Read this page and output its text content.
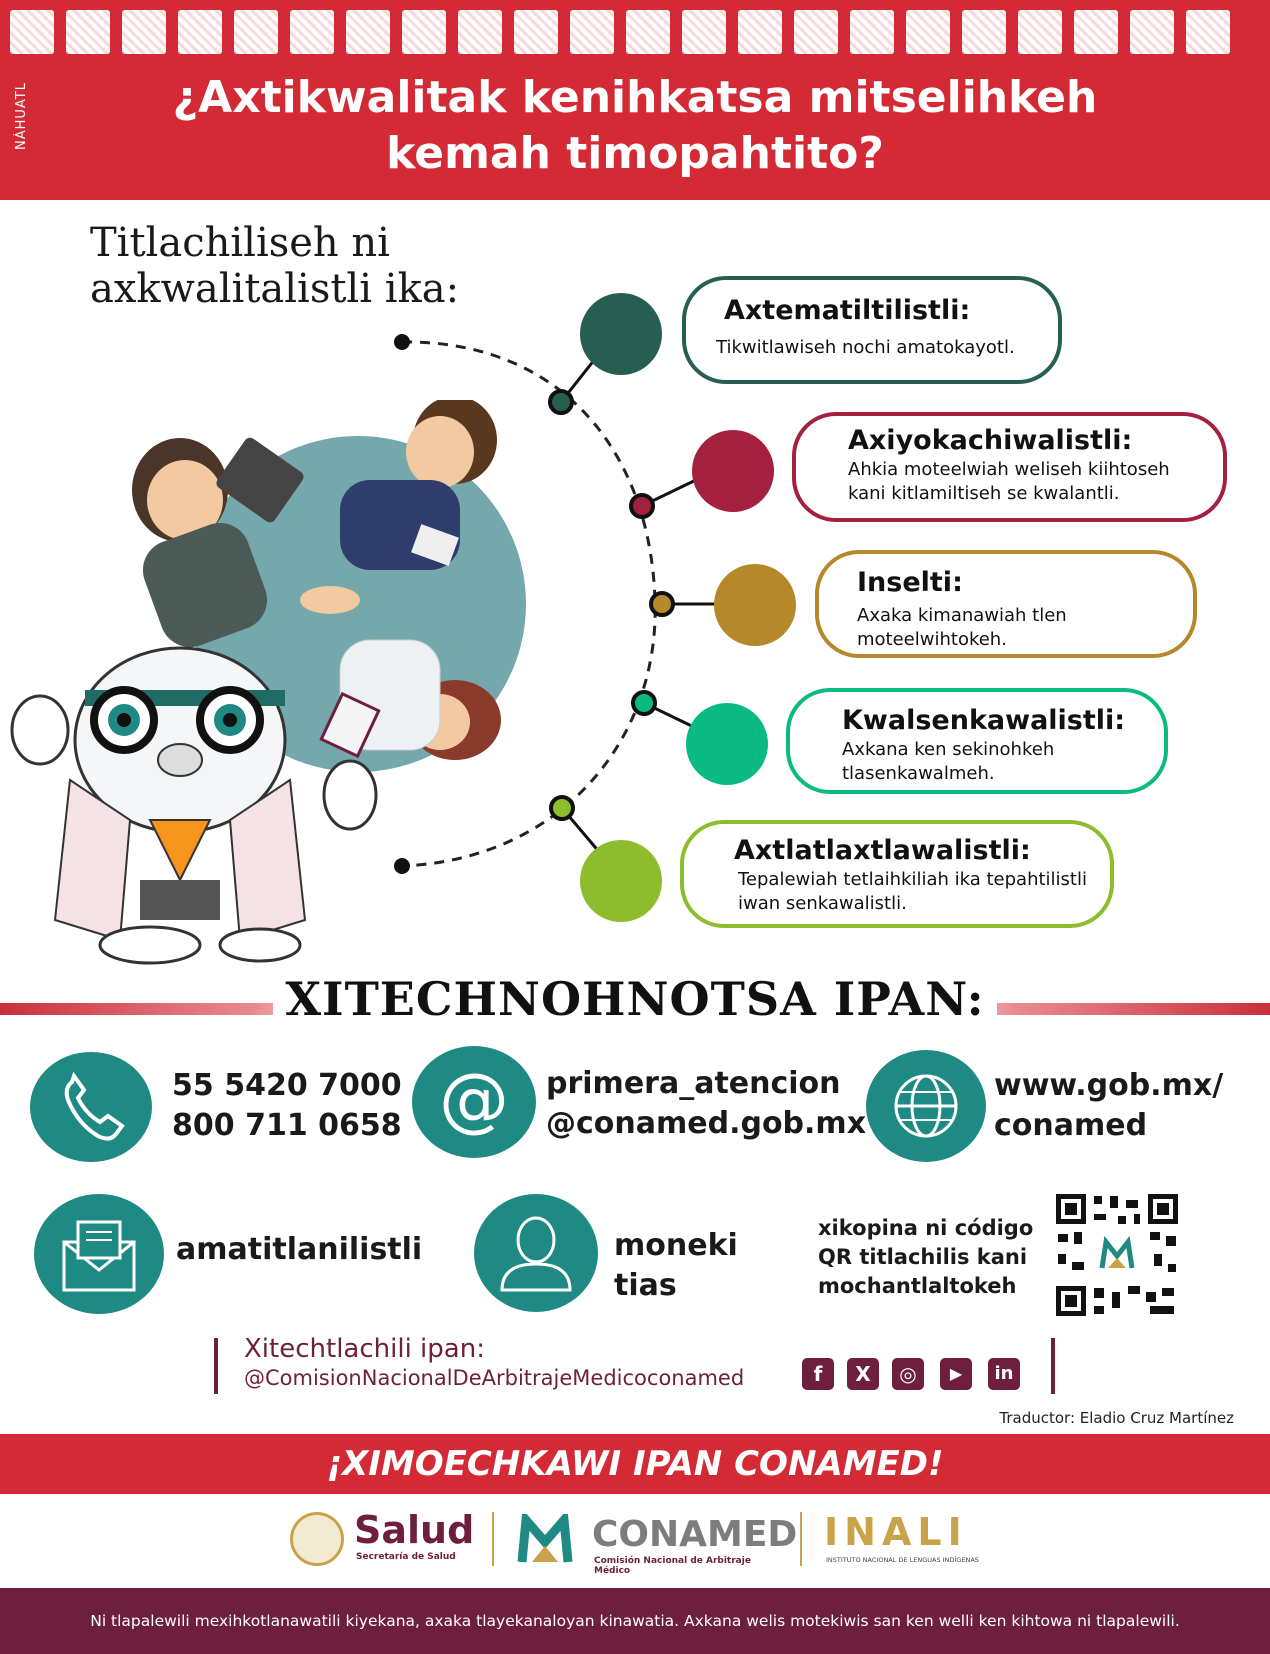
NÁHUATL	¿Axtikwalitak kenihkatsa mitselihkeh
kemah timopahtito?
Titlachiliseh ni
axkwalitalistli ika:	Axtematiltilistli:

Tikwitlawiseh nochi amatokayotl.

Axiyokachiwalistli:

Ahkia moteelwiah weliseh kiihtoseh kani kitlamiltiseh se kwalantli.

Inselti:

Axaka kimanawiah tlen moteelwihtokeh.

Kwalsenkawalistli:

Axkana ken sekinohkeh tlasenkawalmeh.

Axtlatlaxtlawalistli:

Tepalewiah tetlaihkiliah ika tepahtilistli iwan senkawalistli.

XITECHNOHNOTSA IPAN:
55 5420 7000
800 711 0658 @	primera_atencion
@conamed.gob.mx
www.gob.mx/
conamed
amatitlanilistli	moneki
tias
xikopina ni código
QR titlachilis kani
mochantlaltokeh
Xitechtlachili ipan:
@ComisionNacionalDeArbitrajeMedicoconamed	f	X	◎	▶	in
Traductor: Eladio Cruz Martínez
¡XIMOECHKAWI IPAN CONAMED!
Salud
Secretaría de Salud
CONAMED
Comisión Nacional de Arbitraje Médico
INALI
INSTITUTO NACIONAL DE LENGUAS INDÍGENAS
Ni tlapalewili mexihkotlanawatili kiyekana, axaka tlayekanaloyan kinawatia. Axkana welis motekiwis san ken welli ken kihtowa ni tlapalewili.
